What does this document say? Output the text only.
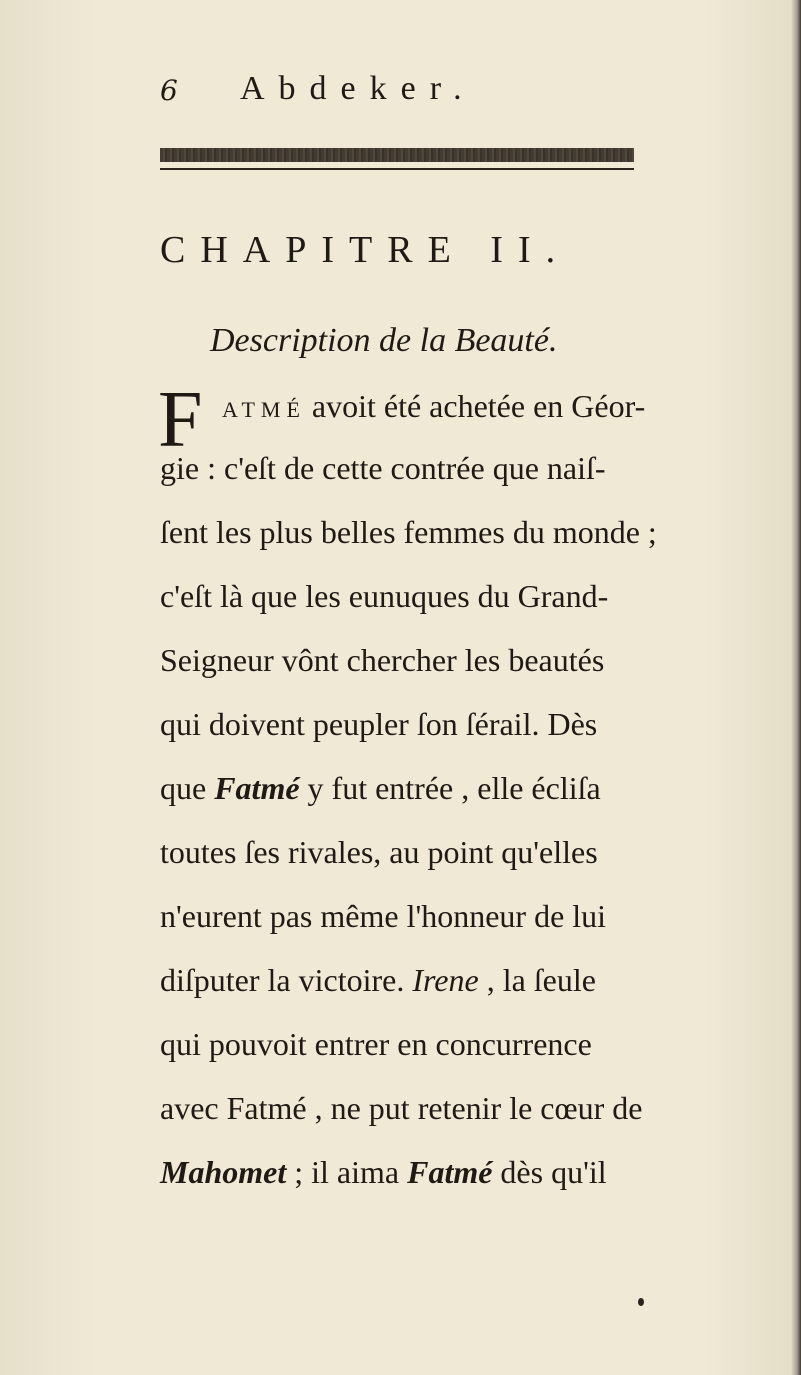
6 Abdeker.
CHAPITRE II.
Description de la Beauté.
F ATMÉ avoit été achetée en Géor-
gie : c'eſt de cette contrée que naiſ-
ſent les plus belles femmes du monde ;
c'eſt là que les eunuques du Grand-
Seigneur vônt chercher les beautés
qui doivent peupler ſon ſérail. Dès
que Fatmé y fut entrée , elle écliſa
toutes ſes rivales, au point qu'elles
n'eurent pas même l'honneur de lui
diſputer la victoire. Irene , la ſeule
qui pouvoit entrer en concurrence
avec Fatmé , ne put retenir le cœur de
Mahomet ; il aima Fatmé dès qu'il
